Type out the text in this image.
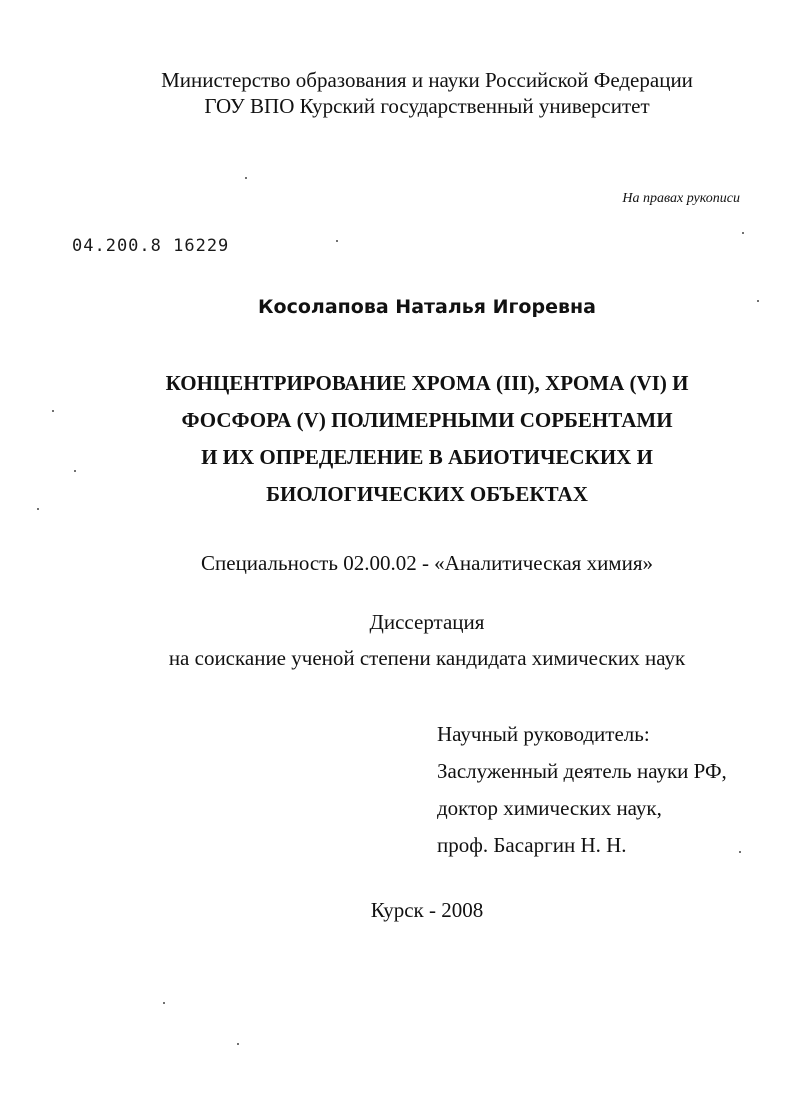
Министерство образования и науки Российской Федерации
ГОУ ВПО Курский государственный университет
На правах рукописи
04.200.8 16229
Косолапова Наталья Игоревна
КОНЦЕНТРИРОВАНИЕ ХРОМА (III), ХРОМА (VI) И
ФОСФОРА (V) ПОЛИМЕРНЫМИ СОРБЕНТАМИ
И ИХ ОПРЕДЕЛЕНИЕ В АБИОТИЧЕСКИХ И
БИОЛОГИЧЕСКИХ ОБЪЕКТАХ
Специальность 02.00.02 - «Аналитическая химия»
Диссертация
на соискание ученой степени кандидата химических наук
Научный руководитель:
Заслуженный деятель науки РФ,
доктор химических наук,
проф. Басаргин Н. Н.
Курск - 2008
